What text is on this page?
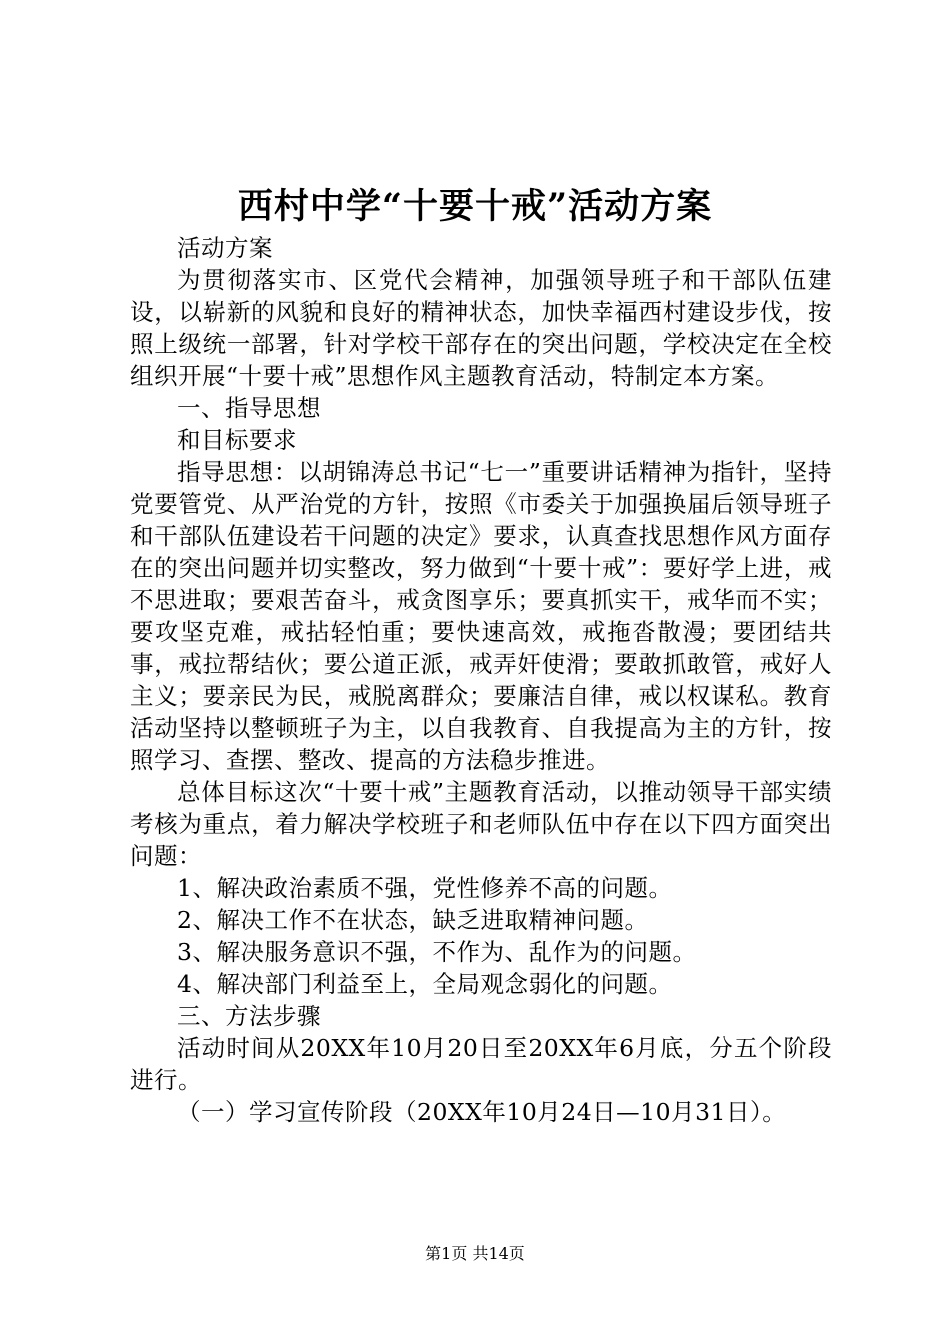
西村中学“十要十戒”活动方案

活动方案

为贯彻落实市、区党代会精神，加强领导班子和干部队伍建设，以崭新的风貌和良好的精神状态，加快幸福西村建设步伐，按照上级统一部署，针对学校干部存在的突出问题，学校决定在全校组织开展“十要十戒”思想作风主题教育活动，特制定本方案。

一、指导思想

和目标要求

指导思想：以胡锦涛总书记“七一”重要讲话精神为指针，坚持党要管党、从严治党的方针，按照《市委关于加强换届后领导班子和干部队伍建设若干问题的决定》要求，认真查找思想作风方面存在的突出问题并切实整改，努力做到“十要十戒”：要好学上进，戒不思进取；要艰苦奋斗，戒贪图享乐；要真抓实干，戒华而不实；要攻坚克难，戒拈轻怕重；要快速高效，戒拖沓散漫；要团结共事，戒拉帮结伙；要公道正派，戒弄奸使滑；要敢抓敢管，戒好人主义；要亲民为民，戒脱离群众；要廉洁自律，戒以权谋私。教育活动坚持以整顿班子为主，以自我教育、自我提高为主的方针，按照学习、查摆、整改、提高的方法稳步推进。

总体目标这次“十要十戒”主题教育活动，以推动领导干部实绩考核为重点，着力解决学校班子和老师队伍中存在以下四方面突出问题：

1、解决政治素质不强，党性修养不高的问题。

2、解决工作不在状态，缺乏进取精神问题。

3、解决服务意识不强，不作为、乱作为的问题。

4、解决部门利益至上，全局观念弱化的问题。

三、方法步骤

活动时间从20XX年10月20日至20XX年6月底，分五个阶段进行。

（一）学习宣传阶段（20XX年10月24日—10月31日）。

第1页 共14页
